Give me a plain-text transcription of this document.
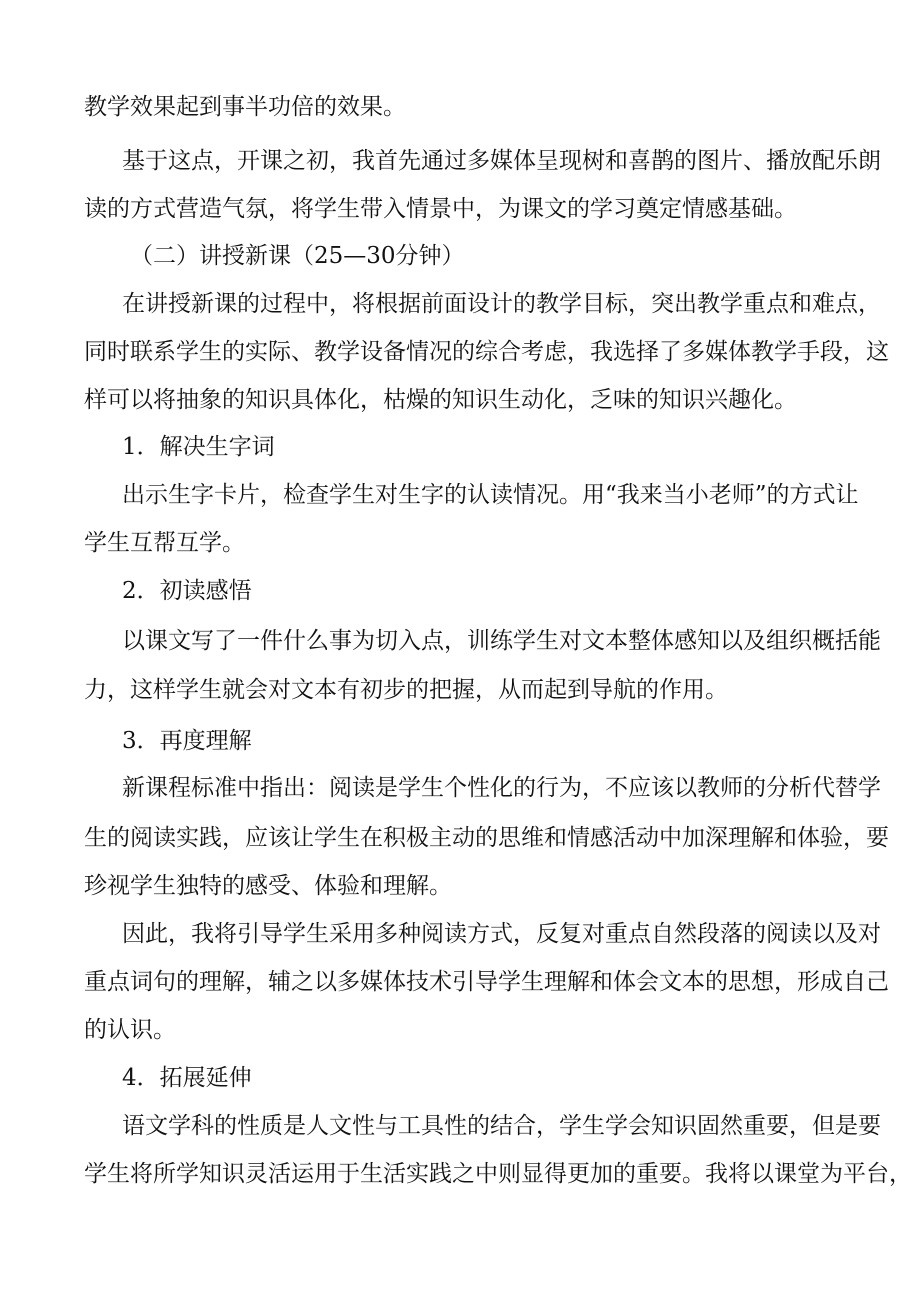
教学效果起到事半功倍的效果。
基于这点，开课之初，我首先通过多媒体呈现树和喜鹊的图片、播放配乐朗
读的方式营造气氛，将学生带入情景中，为课文的学习奠定情感基础。
（二）讲授新课（25—30分钟）
在讲授新课的过程中，将根据前面设计的教学目标，突出教学重点和难点，
同时联系学生的实际、教学设备情况的综合考虑，我选择了多媒体教学手段，这
样可以将抽象的知识具体化，枯燥的知识生动化，乏味的知识兴趣化。
1．解决生字词
出示生字卡片，检查学生对生字的认读情况。用“我来当小老师”的方式让
学生互帮互学。
2．初读感悟
以课文写了一件什么事为切入点，训练学生对文本整体感知以及组织概括能
力，这样学生就会对文本有初步的把握，从而起到导航的作用。
3．再度理解
新课程标准中指出：阅读是学生个性化的行为，不应该以教师的分析代替学
生的阅读实践，应该让学生在积极主动的思维和情感活动中加深理解和体验，要
珍视学生独特的感受、体验和理解。
因此，我将引导学生采用多种阅读方式，反复对重点自然段落的阅读以及对
重点词句的理解，辅之以多媒体技术引导学生理解和体会文本的思想，形成自己
的认识。
4．拓展延伸
语文学科的性质是人文性与工具性的结合，学生学会知识固然重要，但是要
学生将所学知识灵活运用于生活实践之中则显得更加的重要。我将以课堂为平台，
